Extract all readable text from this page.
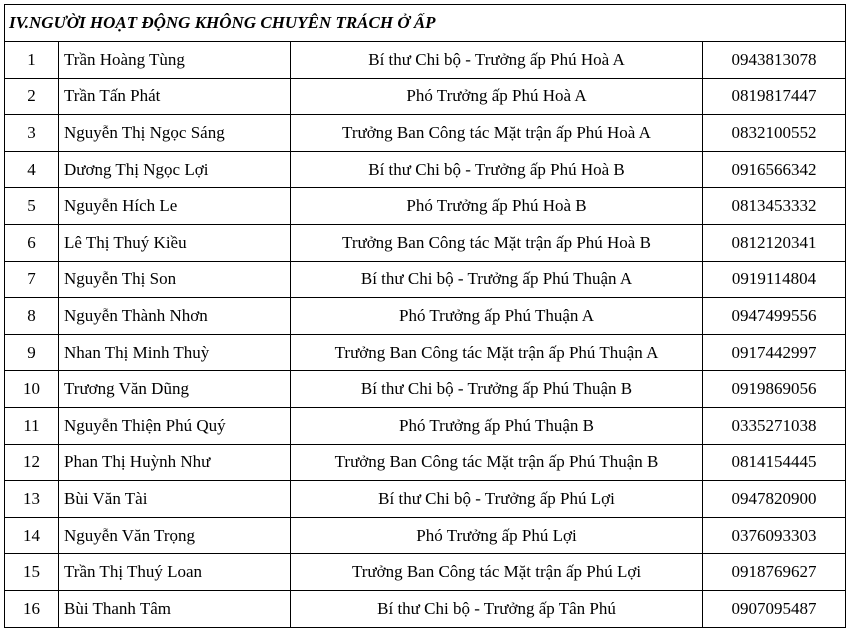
IV.NGƯỜI HOẠT ĐỘNG KHÔNG CHUYÊN TRÁCH Ở ẤP			
1	Trần Hoàng Tùng	Bí thư Chi bộ - Trưởng ấp Phú Hoà A	0943813078
2	Trần Tấn Phát	Phó Trưởng ấp Phú Hoà A	0819817447
3	Nguyễn Thị Ngọc Sáng	Trưởng Ban Công tác Mặt trận ấp Phú Hoà A	0832100552
4	Dương Thị Ngọc Lợi	Bí thư Chi bộ - Trưởng ấp Phú Hoà B	0916566342
5	Nguyễn Hích Le	Phó Trưởng ấp Phú Hoà B	0813453332
6	Lê Thị Thuý Kiều	Trưởng Ban Công tác Mặt trận ấp Phú Hoà B	0812120341
7	Nguyễn Thị Son	Bí thư Chi bộ - Trưởng ấp Phú Thuận A	0919114804
8	Nguyễn Thành Nhơn	Phó Trưởng ấp Phú Thuận A	0947499556
9	Nhan Thị Minh Thuỳ	Trưởng Ban Công tác Mặt trận ấp Phú Thuận A	0917442997
10	Trương Văn Dũng	Bí thư Chi bộ - Trưởng ấp Phú Thuận B	0919869056
11	Nguyễn Thiện Phú Quý	Phó Trưởng ấp Phú Thuận B	0335271038
12	Phan Thị Huỳnh Như	Trưởng Ban Công tác Mặt trận ấp Phú Thuận B	0814154445
13	Bùi Văn Tài	Bí thư Chi bộ - Trưởng ấp Phú Lợi	0947820900
14	Nguyễn Văn Trọng	Phó Trưởng ấp Phú Lợi	0376093303
15	Trần Thị Thuý Loan	Trưởng Ban Công tác Mặt trận ấp Phú Lợi	0918769627
16	Bùi Thanh Tâm	Bí thư Chi bộ - Trưởng ấp Tân Phú	0907095487
